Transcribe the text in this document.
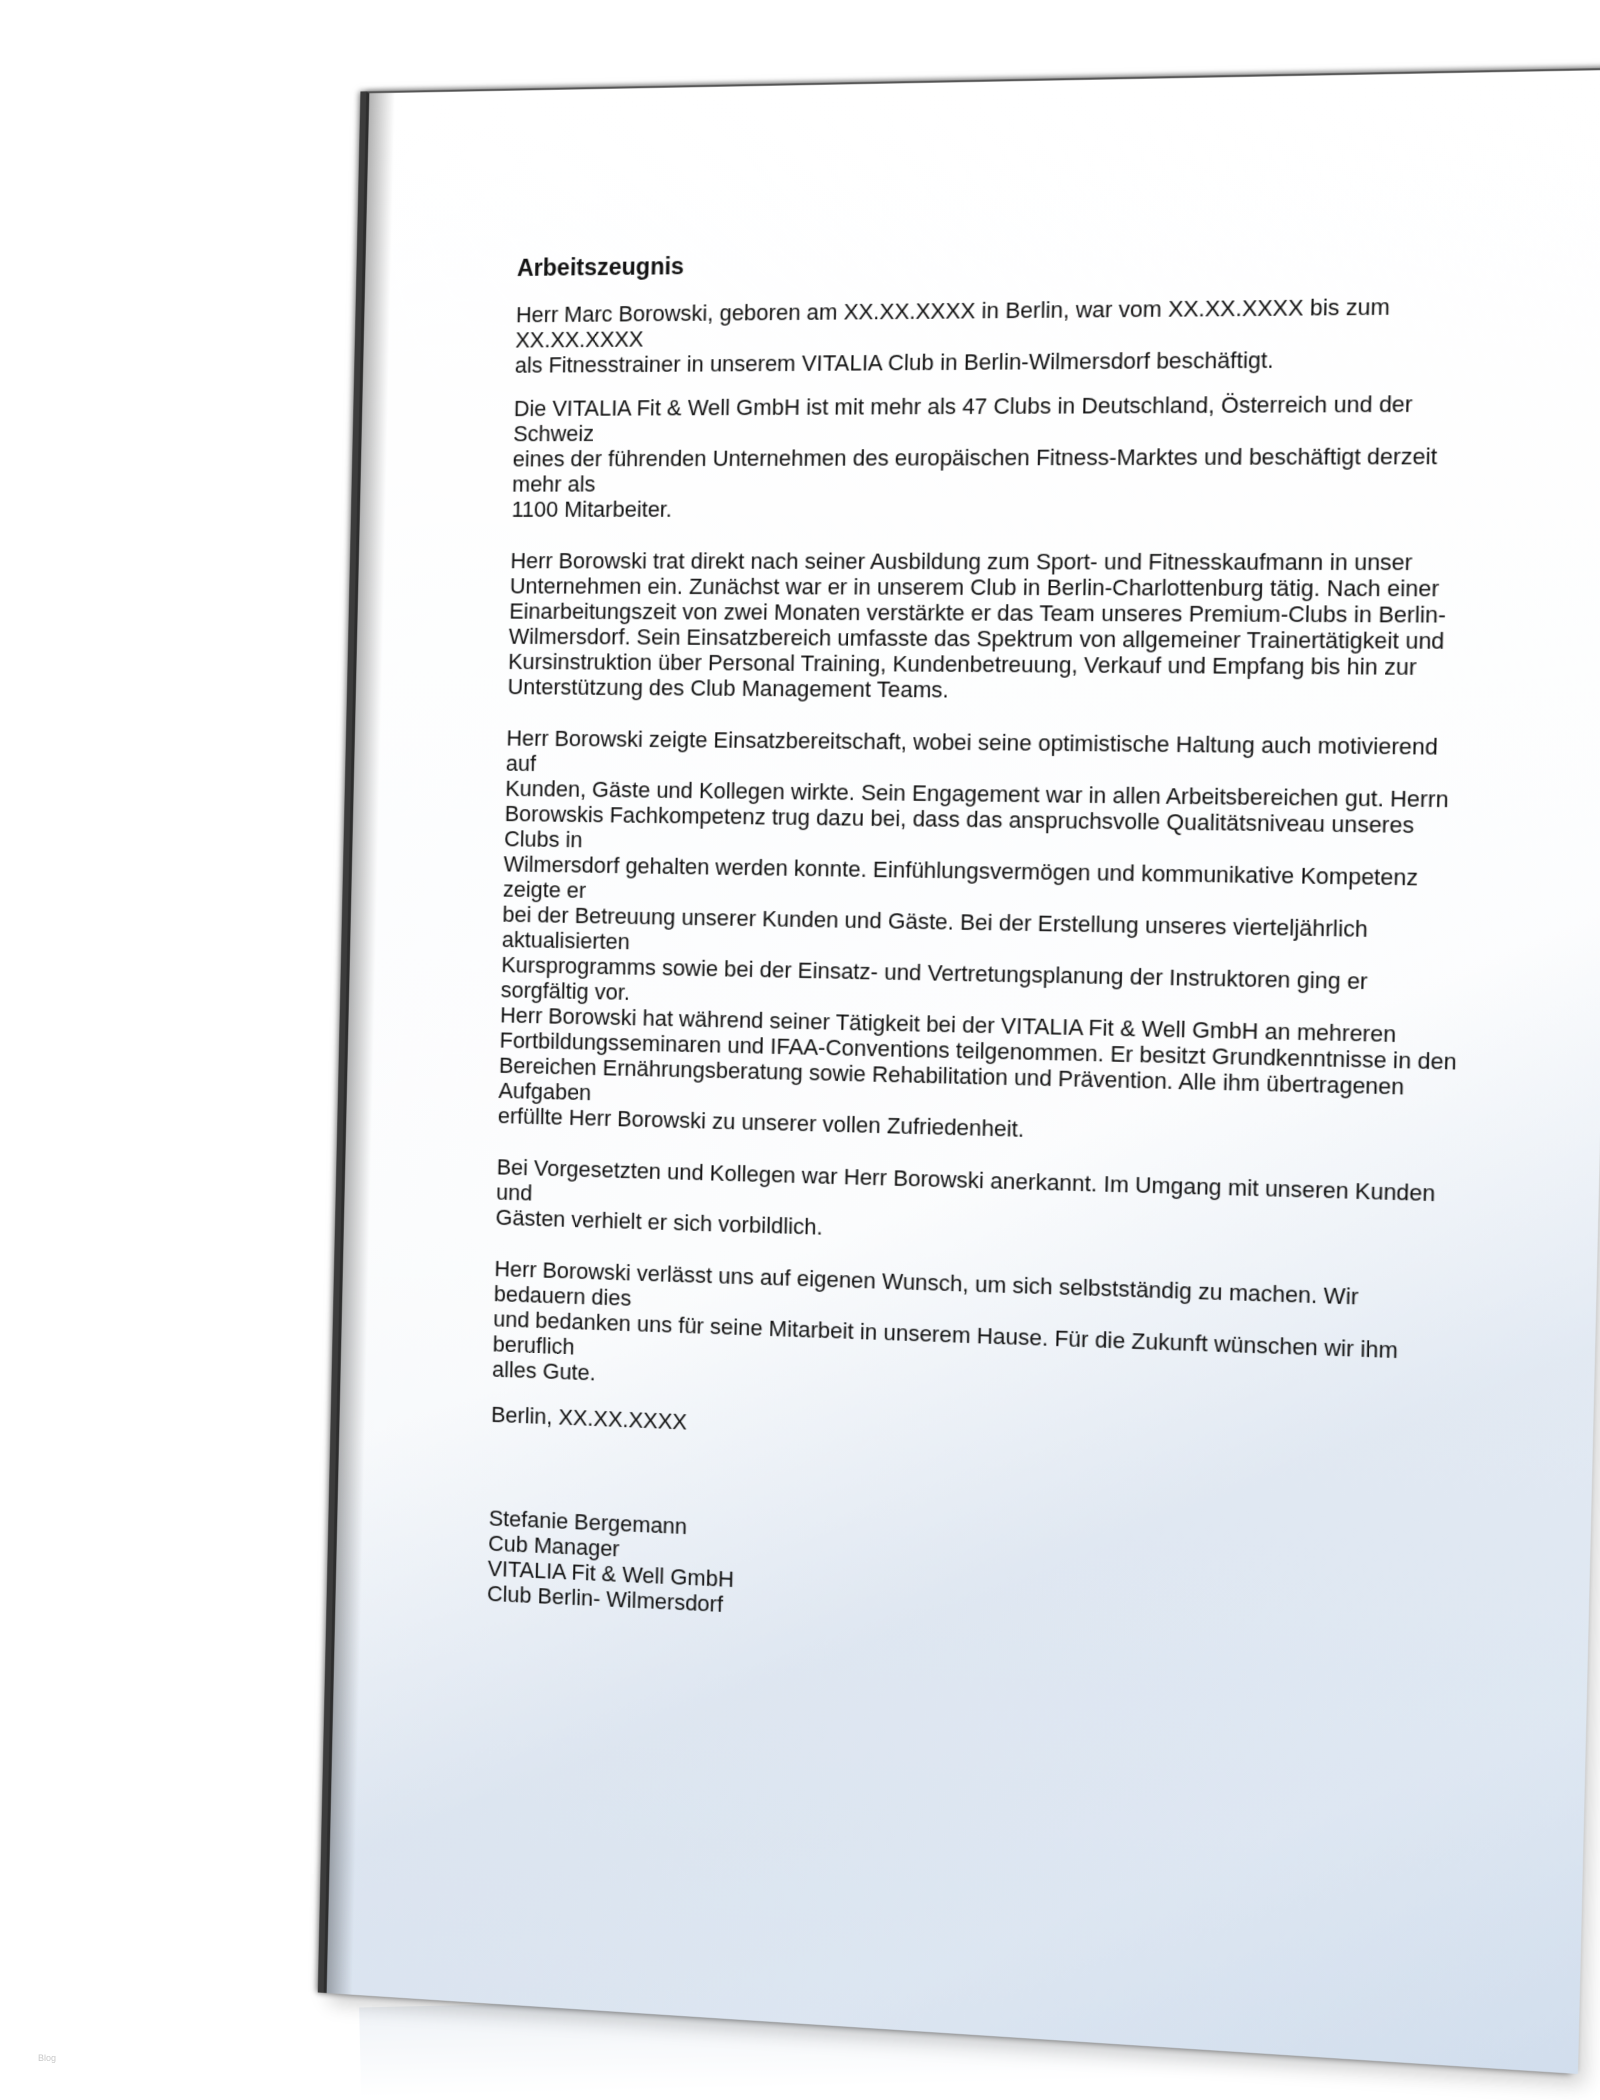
Arbeitszeugnis

Herr Marc Borowski, geboren am XX.XX.XXXX in Berlin, war vom XX.XX.XXXX bis zum XX.XX.XXXX
als Fitnesstrainer in unserem VITALIA Club in Berlin-Wilmersdorf beschäftigt.

Die VITALIA Fit & Well GmbH ist mit mehr als 47 Clubs in Deutschland, Österreich und der Schweiz
eines der führenden Unternehmen des europäischen Fitness-Marktes und beschäftigt derzeit mehr als
1100 Mitarbeiter.

Herr Borowski trat direkt nach seiner Ausbildung zum Sport- und Fitnesskaufmann in unser
Unternehmen ein. Zunächst war er in unserem Club in Berlin-Charlottenburg tätig. Nach einer
Einarbeitungszeit von zwei Monaten verstärkte er das Team unseres Premium-Clubs in Berlin-
Wilmersdorf. Sein Einsatzbereich umfasste das Spektrum von allgemeiner Trainertätigkeit und
Kursinstruktion über Personal Training, Kundenbetreuung, Verkauf und Empfang bis hin zur
Unterstützung des Club Management Teams.

Herr Borowski zeigte Einsatzbereitschaft, wobei seine optimistische Haltung auch motivierend auf
Kunden, Gäste und Kollegen wirkte. Sein Engagement war in allen Arbeitsbereichen gut. Herrn
Borowskis Fachkompetenz trug dazu bei, dass das anspruchsvolle Qualitätsniveau unseres Clubs in
Wilmersdorf gehalten werden konnte. Einfühlungsvermögen und kommunikative Kompetenz zeigte er
bei der Betreuung unserer Kunden und Gäste. Bei der Erstellung unseres vierteljährlich aktualisierten
Kursprogramms sowie bei der Einsatz- und Vertretungsplanung der Instruktoren ging er sorgfältig vor.
Herr Borowski hat während seiner Tätigkeit bei der VITALIA Fit & Well GmbH an mehreren
Fortbildungsseminaren und IFAA-Conventions teilgenommen. Er besitzt Grundkenntnisse in den
Bereichen Ernährungsberatung sowie Rehabilitation und Prävention. Alle ihm übertragenen Aufgaben
erfüllte Herr Borowski zu unserer vollen Zufriedenheit.

Bei Vorgesetzten und Kollegen war Herr Borowski anerkannt. Im Umgang mit unseren Kunden und
Gästen verhielt er sich vorbildlich.

Herr Borowski verlässt uns auf eigenen Wunsch, um sich selbstständig zu machen. Wir bedauern dies
und bedanken uns für seine Mitarbeit in unserem Hause. Für die Zukunft wünschen wir ihm beruflich
alles Gute.

Berlin, XX.XX.XXXX

Stefanie Bergemann
Cub Manager
VITALIA Fit & Well GmbH
Club Berlin- Wilmersdorf
Blog
